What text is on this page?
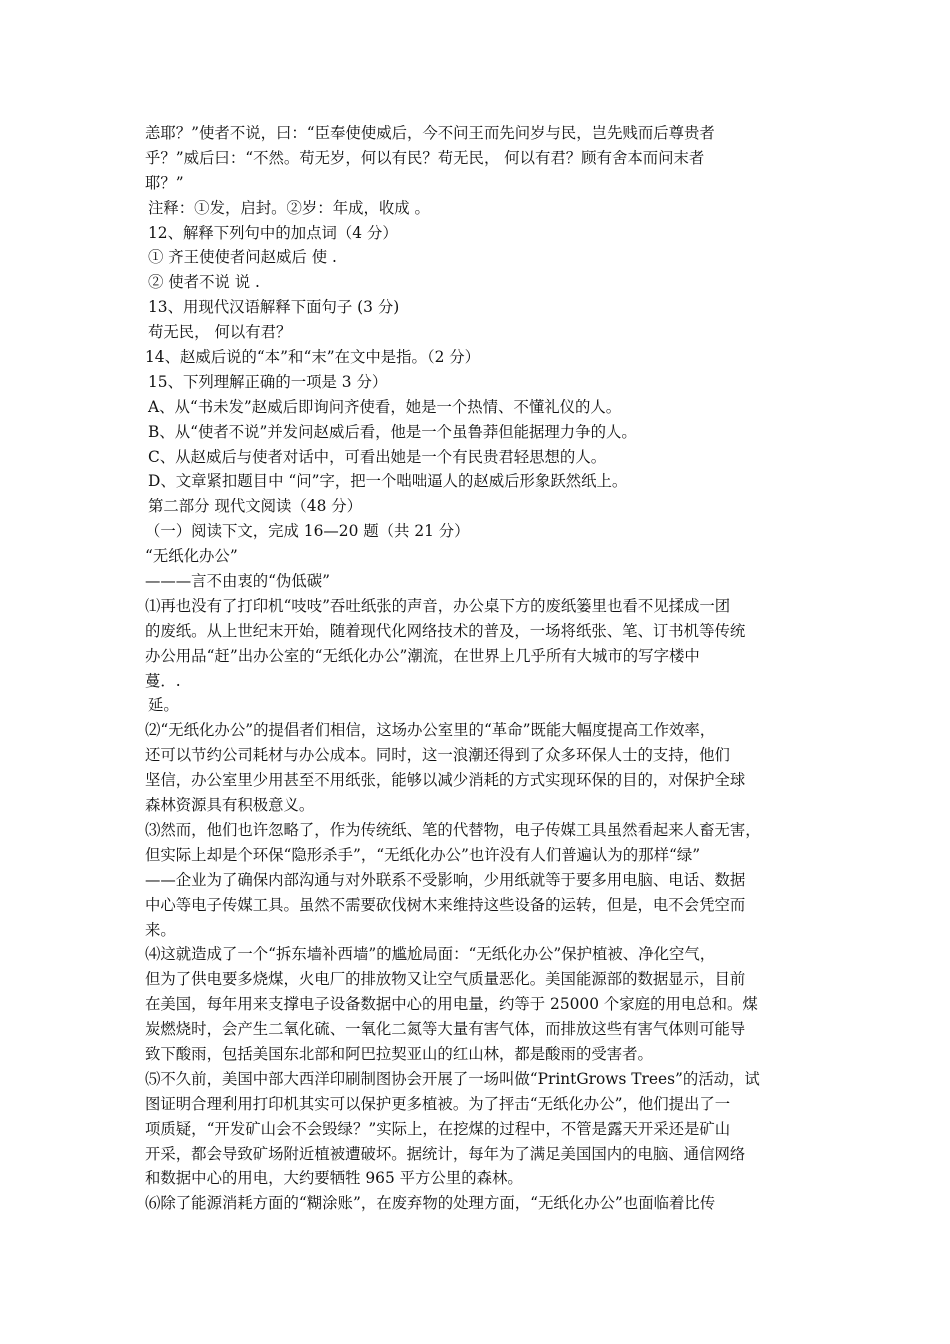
恙耶？”使者不说，曰：“臣奉使使威后，今不问王而先问岁与民，岂先贱而后尊贵者
乎？”威后曰：“不然。苟无岁，何以有民？苟无民， 何以有君？顾有舍本而问末者
耶？”
注释：①发，启封。②岁：年成，收成 。
12、解释下列句中的加点词（4 分）
① 齐王使使者问赵威后 使 .
② 使者不说 说 .
13、用现代汉语解释下面句子 (3 分)
苟无民， 何以有君？
14、赵威后说的“本”和“末”在文中是指。（2 分）
15、下列理解正确的一项是 3 分）
A、从“书未发”赵威后即询问齐使看，她是一个热情、不懂礼仪的人。
B、从“使者不说”并发问赵威后看，他是一个虽鲁莽但能据理力争的人。
C、从赵威后与使者对话中，可看出她是一个有民贵君轻思想的人。
D、文章紧扣题目中 “问”字，把一个咄咄逼人的赵威后形象跃然纸上。
第二部分 现代文阅读（48 分）
（一）阅读下文，完成 16—20 题（共 21 分）
“无纸化办公”
———言不由衷的“伪低碳”
⑴再也没有了打印机“吱吱”吞吐纸张的声音，办公桌下方的废纸篓里也看不见揉成一团
的废纸。从上世纪末开始，随着现代化网络技术的普及，一场将纸张、笔、订书机等传统
办公用品“赶”出办公室的“无纸化办公”潮流，在世界上几乎所有大城市的写字楼中
蔓．.
延。
⑵“无纸化办公”的提倡者们相信，这场办公室里的“革命”既能大幅度提高工作效率，
还可以节约公司耗材与办公成本。同时，这一浪潮还得到了众多环保人士的支持，他们
坚信，办公室里少用甚至不用纸张，能够以减少消耗的方式实现环保的目的，对保护全球
森林资源具有积极意义。
⑶然而，他们也许忽略了，作为传统纸、笔的代替物，电子传媒工具虽然看起来人畜无害，
但实际上却是个环保“隐形杀手”，“无纸化办公”也许没有人们普遍认为的那样“绿”
——企业为了确保内部沟通与对外联系不受影响，少用纸就等于要多用电脑、电话、数据
中心等电子传媒工具。虽然不需要砍伐树木来维持这些设备的运转，但是，电不会凭空而
来。
⑷这就造成了一个“拆东墙补西墙”的尴尬局面：“无纸化办公”保护植被、净化空气，
但为了供电要多烧煤，火电厂的排放物又让空气质量恶化。美国能源部的数据显示，目前
在美国，每年用来支撑电子设备数据中心的用电量，约等于 25000 个家庭的用电总和。煤
炭燃烧时，会产生二氧化硫、一氧化二氮等大量有害气体，而排放这些有害气体则可能导
致下酸雨，包括美国东北部和阿巴拉契亚山的红山林，都是酸雨的受害者。
⑸不久前，美国中部大西洋印刷制图协会开展了一场叫做“PrintGrows Trees”的活动，试
图证明合理利用打印机其实可以保护更多植被。为了抨击“无纸化办公”，他们提出了一
项质疑，“开发矿山会不会毁绿？”实际上，在挖煤的过程中，不管是露天开采还是矿山
开采，都会导致矿场附近植被遭破坏。据统计，每年为了满足美国国内的电脑、通信网络
和数据中心的用电，大约要牺牲 965 平方公里的森林。
⑹除了能源消耗方面的“糊涂账”，在废弃物的处理方面，“无纸化办公”也面临着比传
